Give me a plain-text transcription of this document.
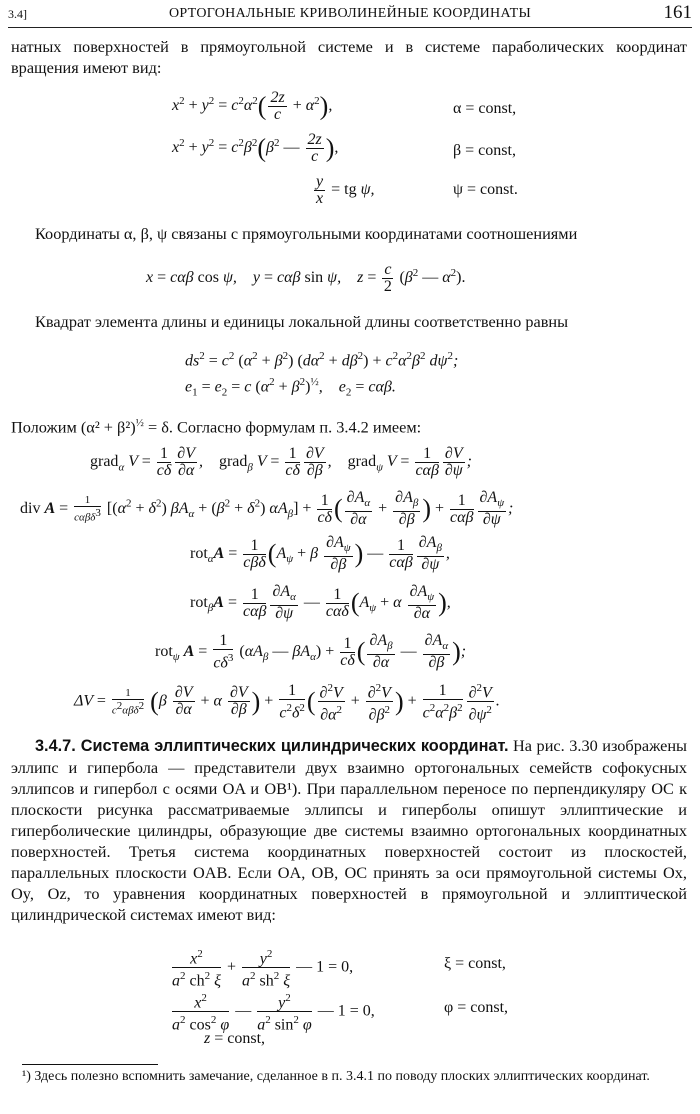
3.4]	ОРТОГОНАЛЬНЫЕ КРИВОЛИНЕЙНЫЕ КООРДИНАТЫ	161
натных поверхностей в прямоугольной системе и в системе параболических координат вращения имеют вид:
$x^2 + y^2 = c^2\alpha^2( \frac{2z}{c} + \alpha^2)$,	α = const,
$x^2 + y^2 = c^2\beta^2(\beta^2$ — $\frac{2z}{c}$ ),	β = const,
$\frac{y}{x}$ = tg ψ,	ψ = const.
Координаты α, β, ψ связаны с прямоугольными координатами соотношениями
x = cαβ cos ψ,    y = cαβ sin ψ,    $z = \frac{c}{2} (\beta^2$ — $\alpha^2$).
Квадрат элемента длины и единицы локальной длины соответственно равны
$ds^2 = c^2$ $(\alpha^2 + \beta^2) (d\alpha^2 + d\beta^2) + c^2\alpha^2\beta^2$ $d\psi^2$;
$e_1 = e_2 = c$ $(\alpha^2 + \beta^2)^{\frac{1}{2}}$,    $e_2 = c\alpha\beta$.
Положим $(\alpha^2 + \beta^2)^{\frac{1}{2}} = \delta$. Согласно формулам п. 3.4.2 имеем:
grad$_\alpha$ $V = \frac{1}{c\delta} \frac{\partial V}{\partial\alpha}$ ,    grad$_\beta$ $V = \frac{1}{c\delta} \frac{\partial V}{\partial\beta}$ ,    grad$_\psi$ $V = \frac{1}{\text{cαβ}} \frac{\partial V}{\partial\psi}$ ;
div $A = \frac{1}{c\alpha\beta\delta^3} [(\alpha^2 + \delta^2) \beta A_\alpha + (\beta^2 + \delta^2) \alpha A_\beta] + \frac{1}{c\delta}$ ( $\frac{\partial A_\alpha}{\partial\alpha} + \frac{\partial A_\beta}{\partial\beta}$ ) + $\frac{1}{\text{cαβ}} \frac{\partial A_\psi}{\partial\psi}$ ;
$rot_\alpha A = \frac{1}{\text{cβδ}} (A_\psi + \beta \frac{\partial A_\psi}{\partial\beta}$ ) — $\frac{1}{\text{cαβ}} \frac{\partial A_\beta}{\partial\psi}$ ,
$rot_\beta A = \frac{1}{\text{cαβ}} \frac{\partial A_\alpha}{\partial\psi}$ — $\frac{1}{\text{cαδ}} (A_\psi + \alpha \frac{\partial A_\psi}{\partial\alpha}$ ),
rot$_\psi$ $A = \frac{1}{c\delta^3} (\alpha A_\beta$ — $\beta A_\alpha) + \frac{1}{c\delta}$ ( $\frac{\partial A_\beta}{\partial\alpha}$ — $\frac{\partial A_\alpha}{\partial\beta}$ );
$\Delta V = \frac{1}{c^2\alpha\beta\delta^2} (\beta \frac{\partial V}{\partial\alpha} + \alpha \frac{\partial V}{\partial\beta}$ ) + $\frac{1}{c^2\delta^2}$ ( $\frac{\partial^2V}{\partial\alpha^2} + \frac{\partial^2V}{\partial\beta^2}$ ) + $\frac{1}{c^2\alpha^2\beta^2} \frac{\partial^2V}{\partial\psi^2}$ .
3.4.7. Система эллиптических цилиндрических координат. На рис. 3.30 изображены эллипс и гипербола — представители двух взаимно ортогональных семейств софокусных эллипсов и гипербол с осями OA и OB¹). При параллельном переносе по перпендикуляру OC к плоскости рисунка рассматриваемые эллипсы и гиперболы опишут эллиптические и гиперболические цилиндры, образующие две системы взаимно ортогональных координатных поверхностей. Третья система координатных поверхностей состоит из плоскостей, параллельных плоскости OAB. Если OA, OB, OC принять за оси прямоугольной системы Ox, Oy, Oz, то уравнения координатных поверхностей в прямоугольной и эллиптической цилиндрической системах имеют вид:
$\frac{x^2}{a^2 ch^2 \xi} + \frac{y^2}{a^2 sh^2 \xi}$ — 1 = 0,	ξ = const,
$\frac{x^2}{a^2 \cos^2 \varphi}$ — $\frac{y^2}{a^2 \sin^2 \varphi}$ — 1 = 0,	φ = const,
z = const,
¹) Здесь полезно вспомнить замечание, сделанное в п. 3.4.1 по поводу плоских эллиптических координат.
